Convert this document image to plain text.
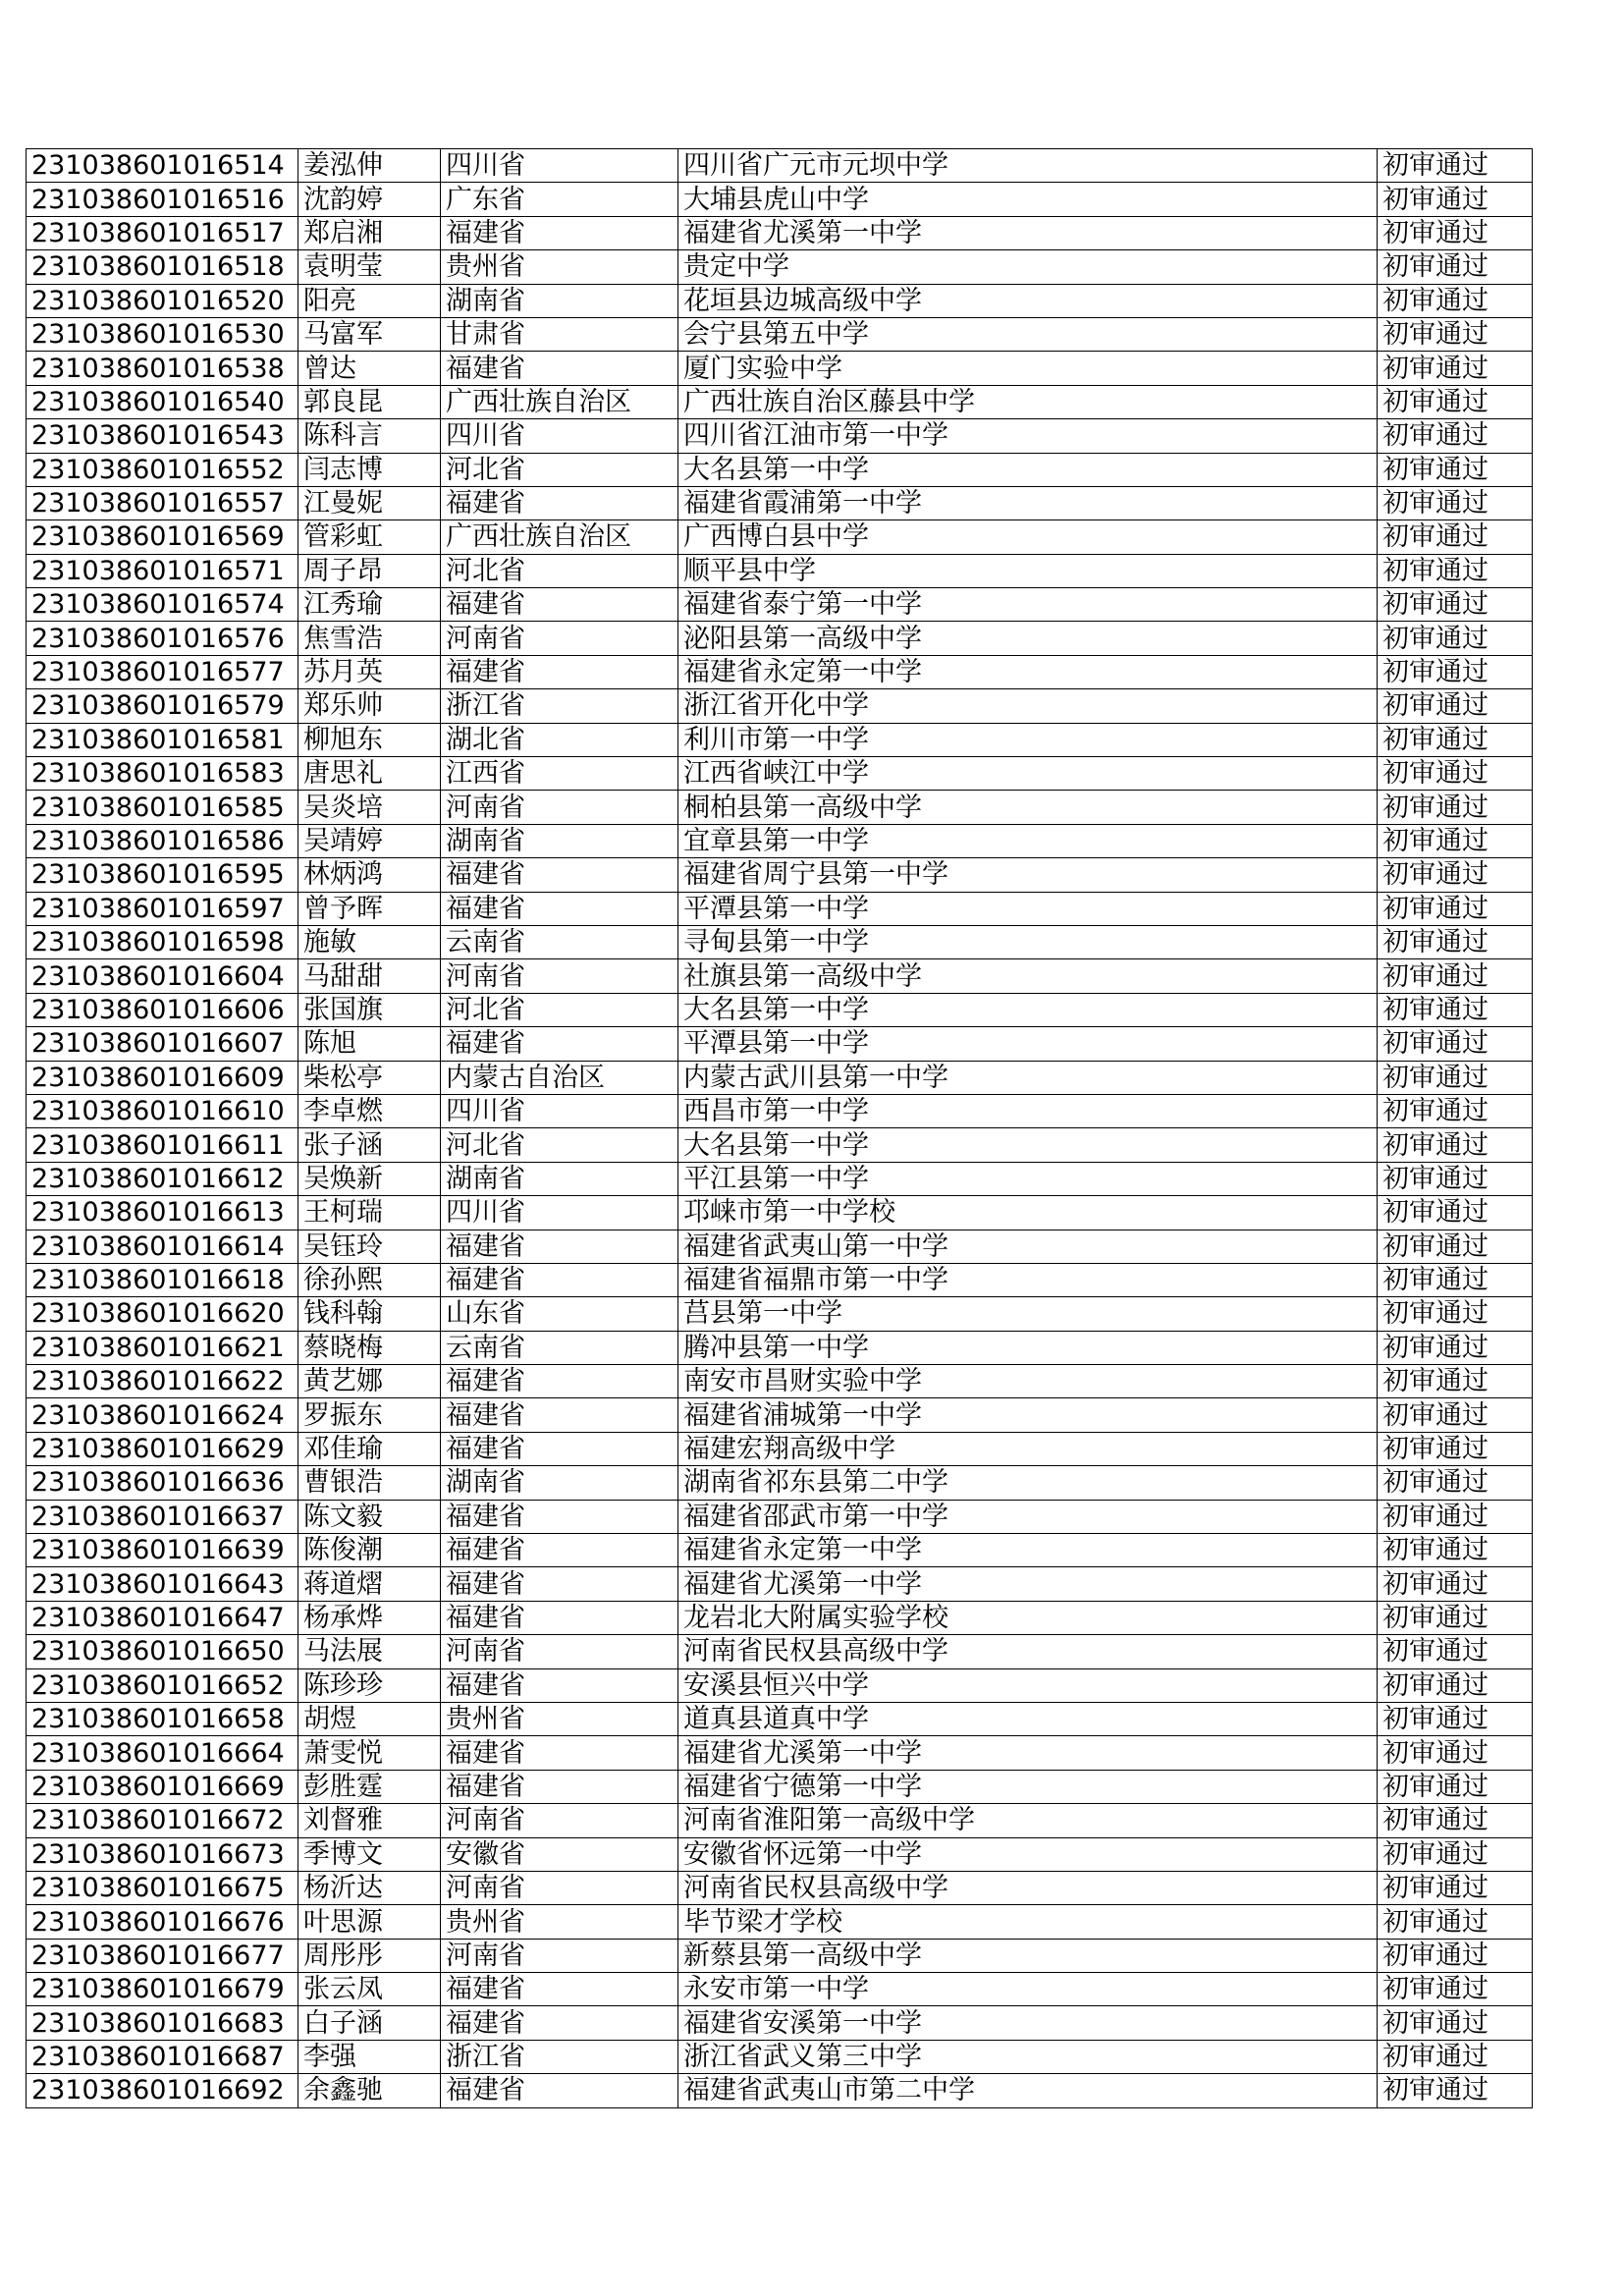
231038601016514	姜泓伸	四川省	四川省广元市元坝中学	初审通过
231038601016516	沈韵婷	广东省	大埔县虎山中学	初审通过
231038601016517	郑启湘	福建省	福建省尤溪第一中学	初审通过
231038601016518	袁明莹	贵州省	贵定中学	初审通过
231038601016520	阳亮	湖南省	花垣县边城高级中学	初审通过
231038601016530	马富军	甘肃省	会宁县第五中学	初审通过
231038601016538	曾达	福建省	厦门实验中学	初审通过
231038601016540	郭良昆	广西壮族自治区	广西壮族自治区藤县中学	初审通过
231038601016543	陈科言	四川省	四川省江油市第一中学	初审通过
231038601016552	闫志博	河北省	大名县第一中学	初审通过
231038601016557	江曼妮	福建省	福建省霞浦第一中学	初审通过
231038601016569	管彩虹	广西壮族自治区	广西博白县中学	初审通过
231038601016571	周子昂	河北省	顺平县中学	初审通过
231038601016574	江秀瑜	福建省	福建省泰宁第一中学	初审通过
231038601016576	焦雪浩	河南省	泌阳县第一高级中学	初审通过
231038601016577	苏月英	福建省	福建省永定第一中学	初审通过
231038601016579	郑乐帅	浙江省	浙江省开化中学	初审通过
231038601016581	柳旭东	湖北省	利川市第一中学	初审通过
231038601016583	唐思礼	江西省	江西省峡江中学	初审通过
231038601016585	吴炎培	河南省	桐柏县第一高级中学	初审通过
231038601016586	吴靖婷	湖南省	宜章县第一中学	初审通过
231038601016595	林炳鸿	福建省	福建省周宁县第一中学	初审通过
231038601016597	曾予晖	福建省	平潭县第一中学	初审通过
231038601016598	施敏	云南省	寻甸县第一中学	初审通过
231038601016604	马甜甜	河南省	社旗县第一高级中学	初审通过
231038601016606	张国旗	河北省	大名县第一中学	初审通过
231038601016607	陈旭	福建省	平潭县第一中学	初审通过
231038601016609	柴松亭	内蒙古自治区	内蒙古武川县第一中学	初审通过
231038601016610	李卓燃	四川省	西昌市第一中学	初审通过
231038601016611	张子涵	河北省	大名县第一中学	初审通过
231038601016612	吴焕新	湖南省	平江县第一中学	初审通过
231038601016613	王柯瑞	四川省	邛崃市第一中学校	初审通过
231038601016614	吴钰玲	福建省	福建省武夷山第一中学	初审通过
231038601016618	徐孙熙	福建省	福建省福鼎市第一中学	初审通过
231038601016620	钱科翰	山东省	莒县第一中学	初审通过
231038601016621	蔡晓梅	云南省	腾冲县第一中学	初审通过
231038601016622	黄艺娜	福建省	南安市昌财实验中学	初审通过
231038601016624	罗振东	福建省	福建省浦城第一中学	初审通过
231038601016629	邓佳瑜	福建省	福建宏翔高级中学	初审通过
231038601016636	曹银浩	湖南省	湖南省祁东县第二中学	初审通过
231038601016637	陈文毅	福建省	福建省邵武市第一中学	初审通过
231038601016639	陈俊潮	福建省	福建省永定第一中学	初审通过
231038601016643	蒋道熠	福建省	福建省尤溪第一中学	初审通过
231038601016647	杨承烨	福建省	龙岩北大附属实验学校	初审通过
231038601016650	马法展	河南省	河南省民权县高级中学	初审通过
231038601016652	陈珍珍	福建省	安溪县恒兴中学	初审通过
231038601016658	胡煜	贵州省	道真县道真中学	初审通过
231038601016664	萧雯悦	福建省	福建省尤溪第一中学	初审通过
231038601016669	彭胜霆	福建省	福建省宁德第一中学	初审通过
231038601016672	刘督雅	河南省	河南省淮阳第一高级中学	初审通过
231038601016673	季博文	安徽省	安徽省怀远第一中学	初审通过
231038601016675	杨沂达	河南省	河南省民权县高级中学	初审通过
231038601016676	叶思源	贵州省	毕节梁才学校	初审通过
231038601016677	周彤彤	河南省	新蔡县第一高级中学	初审通过
231038601016679	张云凤	福建省	永安市第一中学	初审通过
231038601016683	白子涵	福建省	福建省安溪第一中学	初审通过
231038601016687	李强	浙江省	浙江省武义第三中学	初审通过
231038601016692	余鑫驰	福建省	福建省武夷山市第二中学	初审通过
